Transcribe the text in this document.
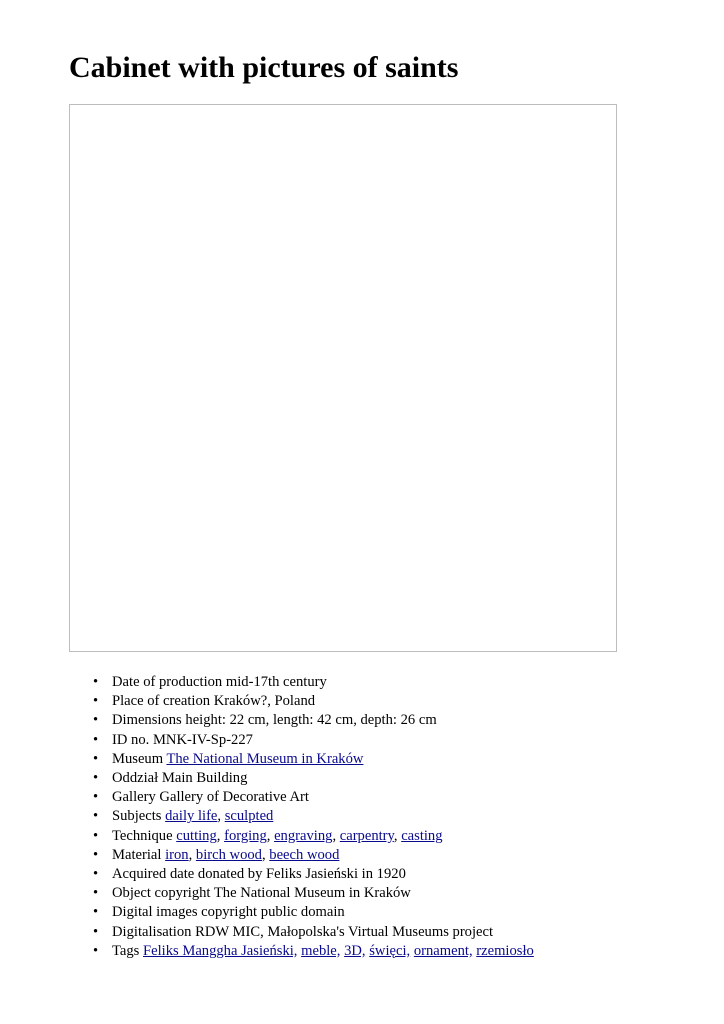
Cabinet with pictures of saints
• Date of production mid-17th century
• Place of creation Kraków?, Poland
• Dimensions height: 22 cm, length: 42 cm, depth: 26 cm
• ID no. MNK-IV-Sp-227
• Museum The National Museum in Kraków
• Oddział Main Building
• Gallery Gallery of Decorative Art
• Subjects daily life, sculpted
• Technique cutting, forging, engraving, carpentry, casting
• Material iron, birch wood, beech wood
• Acquired date donated by Feliks Jasieński in 1920
• Object copyright The National Museum in Kraków
• Digital images copyright public domain
• Digitalisation RDW MIC, Małopolska's Virtual Museums project
• Tags Feliks Manggha Jasieński, meble, 3D, święci, ornament, rzemiosło
